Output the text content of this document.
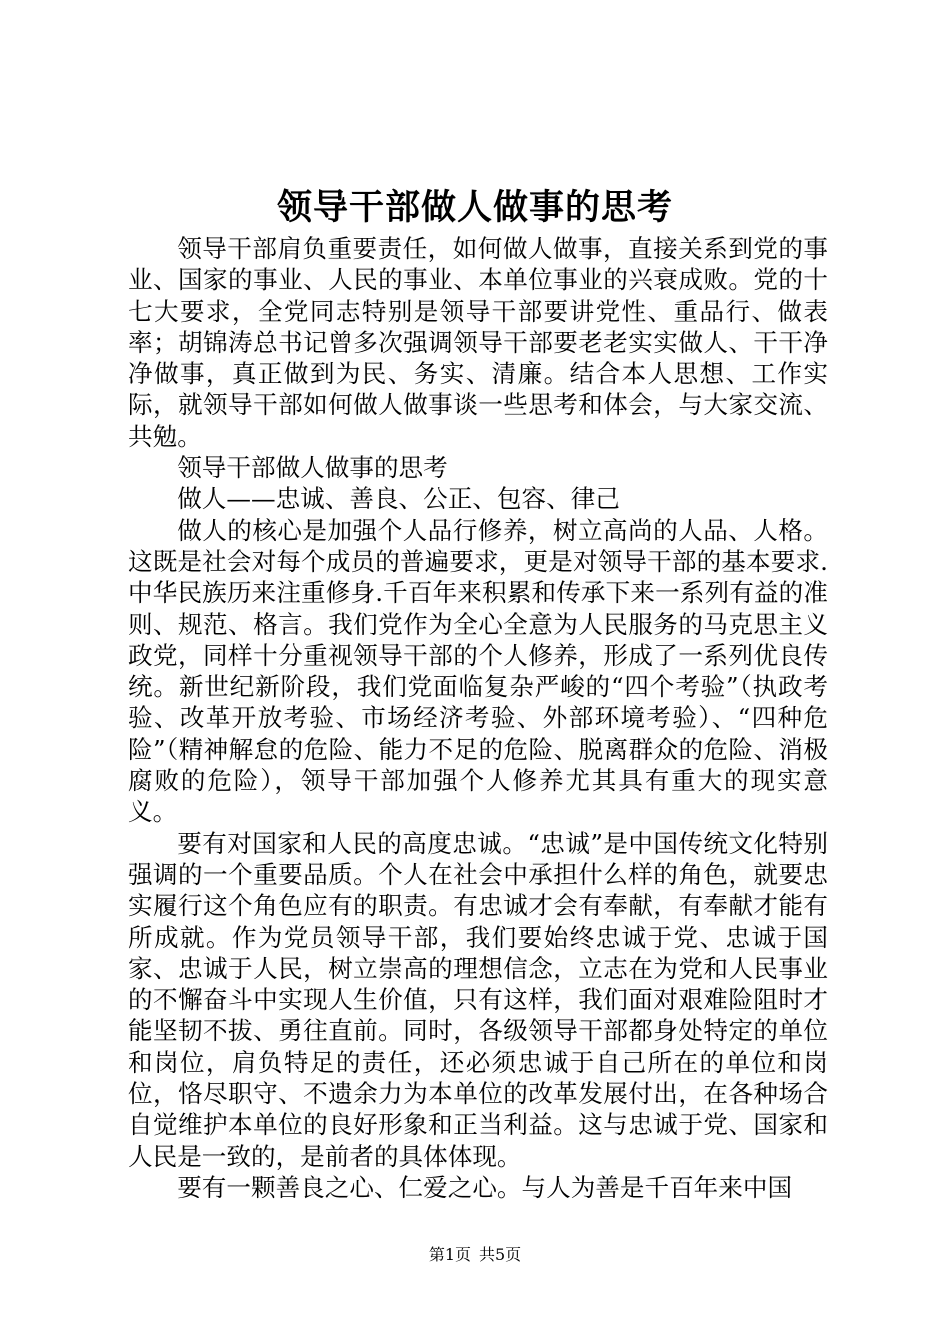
领导干部做人做事的思考

领导干部肩负重要责任，如何做人做事，直接关系到党的事业、国家的事业、人民的事业、本单位事业的兴衰成败。党的十七大要求，全党同志特别是领导干部要讲党性、重品行、做表率；胡锦涛总书记曾多次强调领导干部要老老实实做人、干干净净做事，真正做到为民、务实、清廉。结合本人思想、工作实际，就领导干部如何做人做事谈一些思考和体会，与大家交流、共勉。

领导干部做人做事的思考

做人——忠诚、善良、公正、包容、律己

做人的核心是加强个人品行修养，树立高尚的人品、人格。这既是社会对每个成员的普遍要求，更是对领导干部的基本要求.中华民族历来注重修身.千百年来积累和传承下来一系列有益的准则、规范、格言。我们党作为全心全意为人民服务的马克思主义政党，同样十分重视领导干部的个人修养，形成了一系列优良传统。新世纪新阶段，我们党面临复杂严峻的“四个考验”（执政考验、改革开放考验、市场经济考验、外部环境考验）、“四种危险”（精神解怠的危险、能力不足的危险、脱离群众的危险、消极腐败的危险），领导干部加强个人修养尤其具有重大的现实意义。

要有对国家和人民的高度忠诚。“忠诚”是中国传统文化特别强调的一个重要品质。个人在社会中承担什么样的角色，就要忠实履行这个角色应有的职责。有忠诚才会有奉献，有奉献才能有所成就。作为党员领导干部，我们要始终忠诚于党、忠诚于国家、忠诚于人民，树立崇高的理想信念，立志在为党和人民事业的不懈奋斗中实现人生价值，只有这样，我们面对艰难险阻时才能坚韧不拔、勇往直前。同时，各级领导干部都身处特定的单位和岗位，肩负特足的责任，还必须忠诚于自己所在的单位和岗位，恪尽职守、不遗余力为本单位的改革发展付出，在各种场合自觉维护本单位的良好形象和正当利益。这与忠诚于党、国家和人民是一致的，是前者的具体体现。

要有一颗善良之心、仁爱之心。与人为善是千百年来中国

第1页 共5页
